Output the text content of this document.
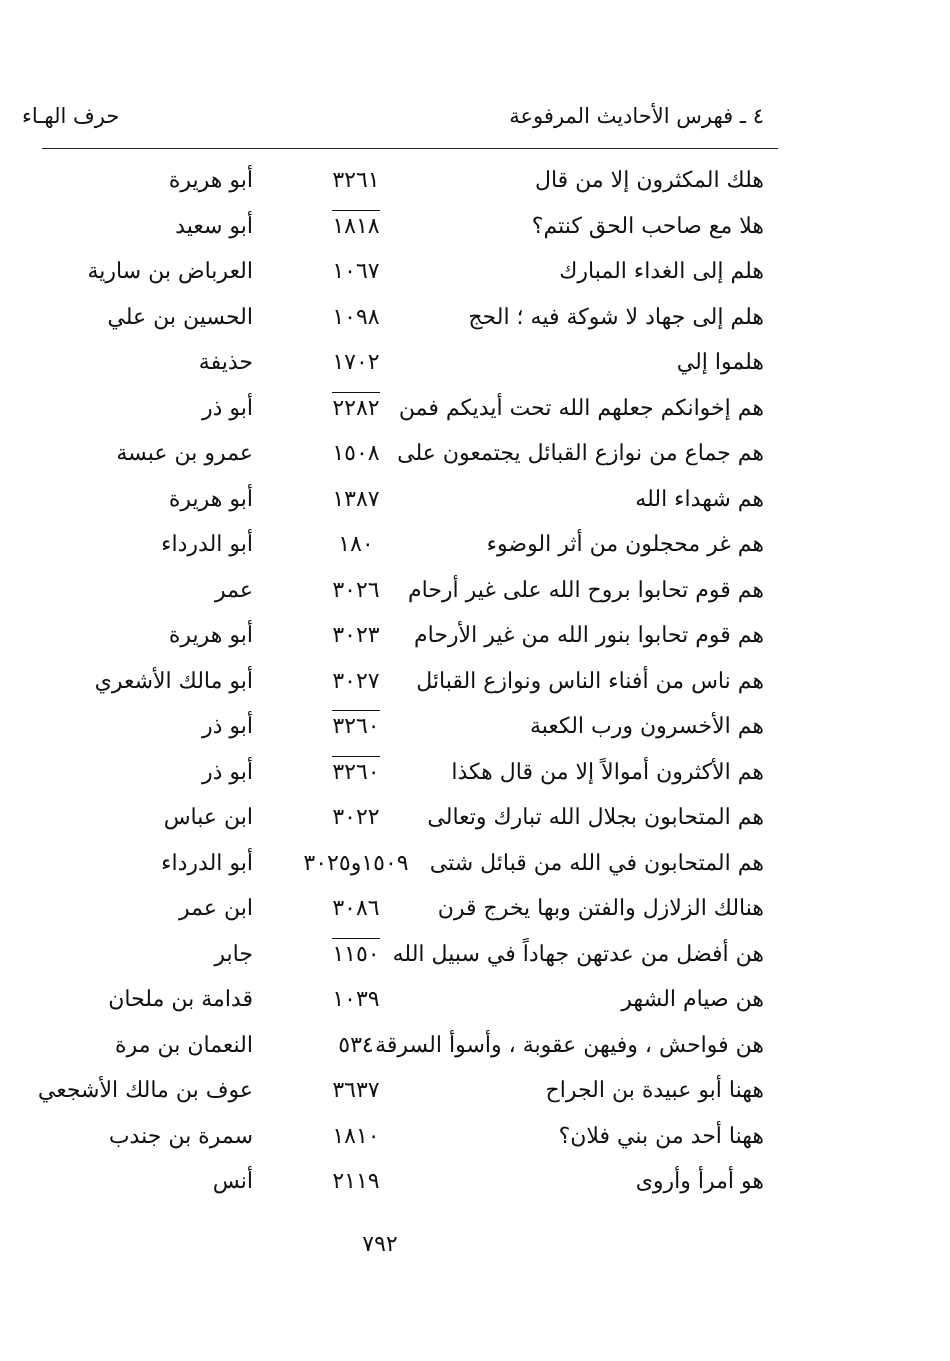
٤ ـ فهرس الأحاديث المرفوعة
حرف الهـاء
هلك المكثرون إلا من قال
٣٢٦١
أبو هريرة
هلا مع صاحب الحق كنتم؟
١٨١٨
أبو سعيد
هلم إلى الغداء المبارك
١٠٦٧
العرباض بن سارية
هلم إلى جهاد لا شوكة فيه ؛ الحج
١٠٩٨
الحسين بن علي
هلموا إلي
١٧٠٢
حذيفة
هم إخوانكم جعلهم الله تحت أيديكم فمن
٢٢٨٢
أبو ذر
هم جماع من نوازع القبائل يجتمعون على
١٥٠٨
عمرو بن عبسة
هم شهداء الله
١٣٨٧
أبو هريرة
هم غر محجلون من أثر الوضوء
١٨٠
أبو الدرداء
هم قوم تحابوا بروح الله على غير أرحام
٣٠٢٦
عمر
هم قوم تحابوا بنور الله من غير الأرحام
٣٠٢٣
أبو هريرة
هم ناس من أفناء الناس ونوازع القبائل
٣٠٢٧
أبو مالك الأشعري
هم الأخسرون ورب الكعبة
٣٢٦٠
أبو ذر
هم الأكثرون أموالاً إلا من قال هكذا
٣٢٦٠
أبو ذر
هم المتحابون بجلال الله تبارك وتعالى
٣٠٢٢
ابن عباس
هم المتحابون في الله من قبائل شتى
١٥٠٩و٣٠٢٥
أبو الدرداء
هنالك الزلازل والفتن وبها يخرج قرن
٣٠٨٦
ابن عمر
هن أفضل من عدتهن جهاداً في سبيل الله
١١٥٠
جابر
هن صيام الشهر
١٠٣٩
قدامة بن ملحان
هن فواحش ، وفيهن عقوبة ، وأسوأ السرقة
٥٣٤
النعمان بن مرة
ههنا أبو عبيدة بن الجراح
٣٦٣٧
عوف بن مالك الأشجعي
ههنا أحد من بني فلان؟
١٨١٠
سمرة بن جندب
هو أمرأ وأروى
٢١١٩
أنس
٧٩٢
